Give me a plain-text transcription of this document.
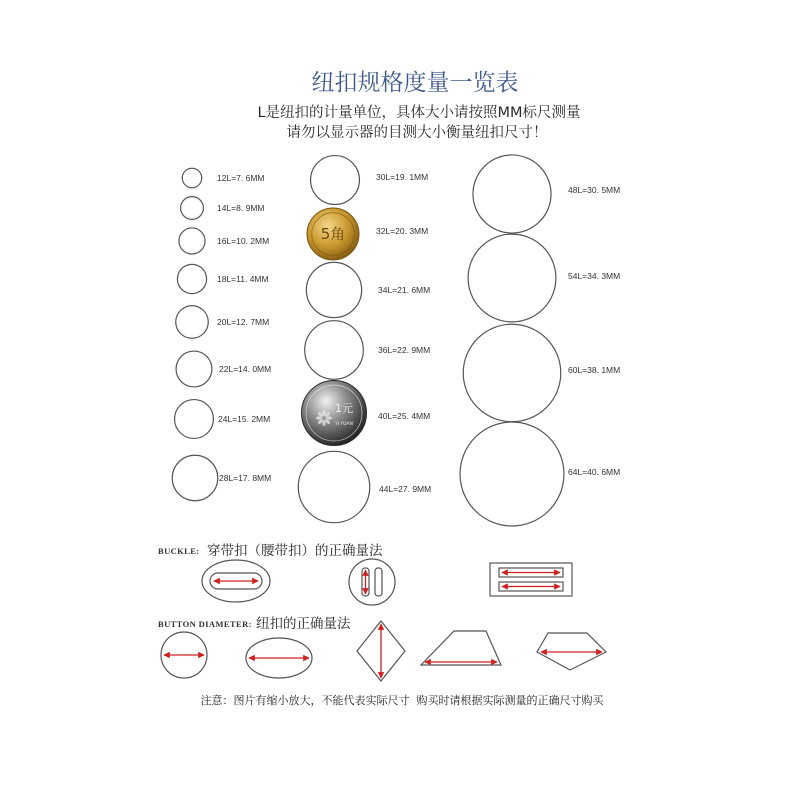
纽扣规格度量一览表
L是纽扣的计量单位，具体大小请按照MM标尺测量
请勿以显示器的目测大小衡量纽扣尺寸！
12L=7. 6MM
14L=8. 9MM
16L=10. 2MM
18L=11. 4MM
20L=12. 7MM
22L=14. 0MM
24L=15. 2MM
28L=17. 8MM
30L=19. 1MM
5角	32L=20. 3MM
34L=21. 6MM
36L=22. 9MM
1元
YI YUAN
40L=25. 4MM
44L=27. 9MM
48L=30. 5MM
54L=34. 3MM
60L=38. 1MM
64L=40. 6MM
BUCKLE: 穿带扣（腰带扣）的正确量法
BUTTON DIAMETER: 纽扣的正确量法
注意：图片有缩小放大，不能代表实际尺寸  购买时请根据实际测量的正确尺寸购买
